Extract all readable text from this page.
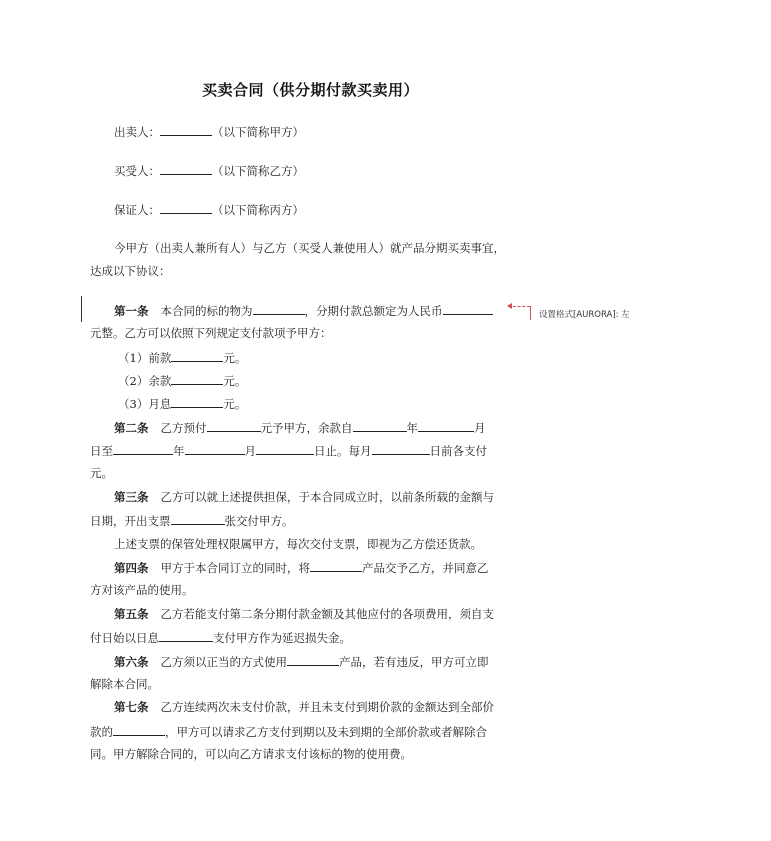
买卖合同（供分期付款买卖用）
出卖人：	（以下简称甲方）
买受人：	（以下简称乙方）
保证人：	（以下简称丙方）
今甲方（出卖人兼所有人）与乙方（买受人兼使用人）就产品分期买卖事宜，
达成以下协议：
第一条 本合同的标的物为	，分期付款总额定为人民币
元整。乙方可以依照下列规定支付款项予甲方：
（1）前款	元。
（2）余款	元。
（3）月息	元。
第二条 乙方预付	元予甲方，余款自	年	月
日至	年	月	日止。每月	日前各支付
元。
第三条 乙方可以就上述提供担保，于本合同成立时，以前条所载的金额与
日期，开出支票	张交付甲方。
上述支票的保管处理权限属甲方，每次交付支票，即视为乙方偿还货款。
第四条 甲方于本合同订立的同时，将	产品交予乙方，并同意乙
方对该产品的使用。
第五条 乙方若能支付第二条分期付款金额及其他应付的各项费用，须自支
付日始以日息	支付甲方作为延迟损失金。
第六条 乙方须以正当的方式使用	产品，若有违反，甲方可立即
解除本合同。
第七条 乙方连续两次未支付价款，并且未支付到期价款的金额达到全部价
款的	，甲方可以请求乙方支付到期以及未到期的全部价款或者解除合
同。甲方解除合同的，可以向乙方请求支付该标的物的使用费。
设置格式[AURORA]: 左
